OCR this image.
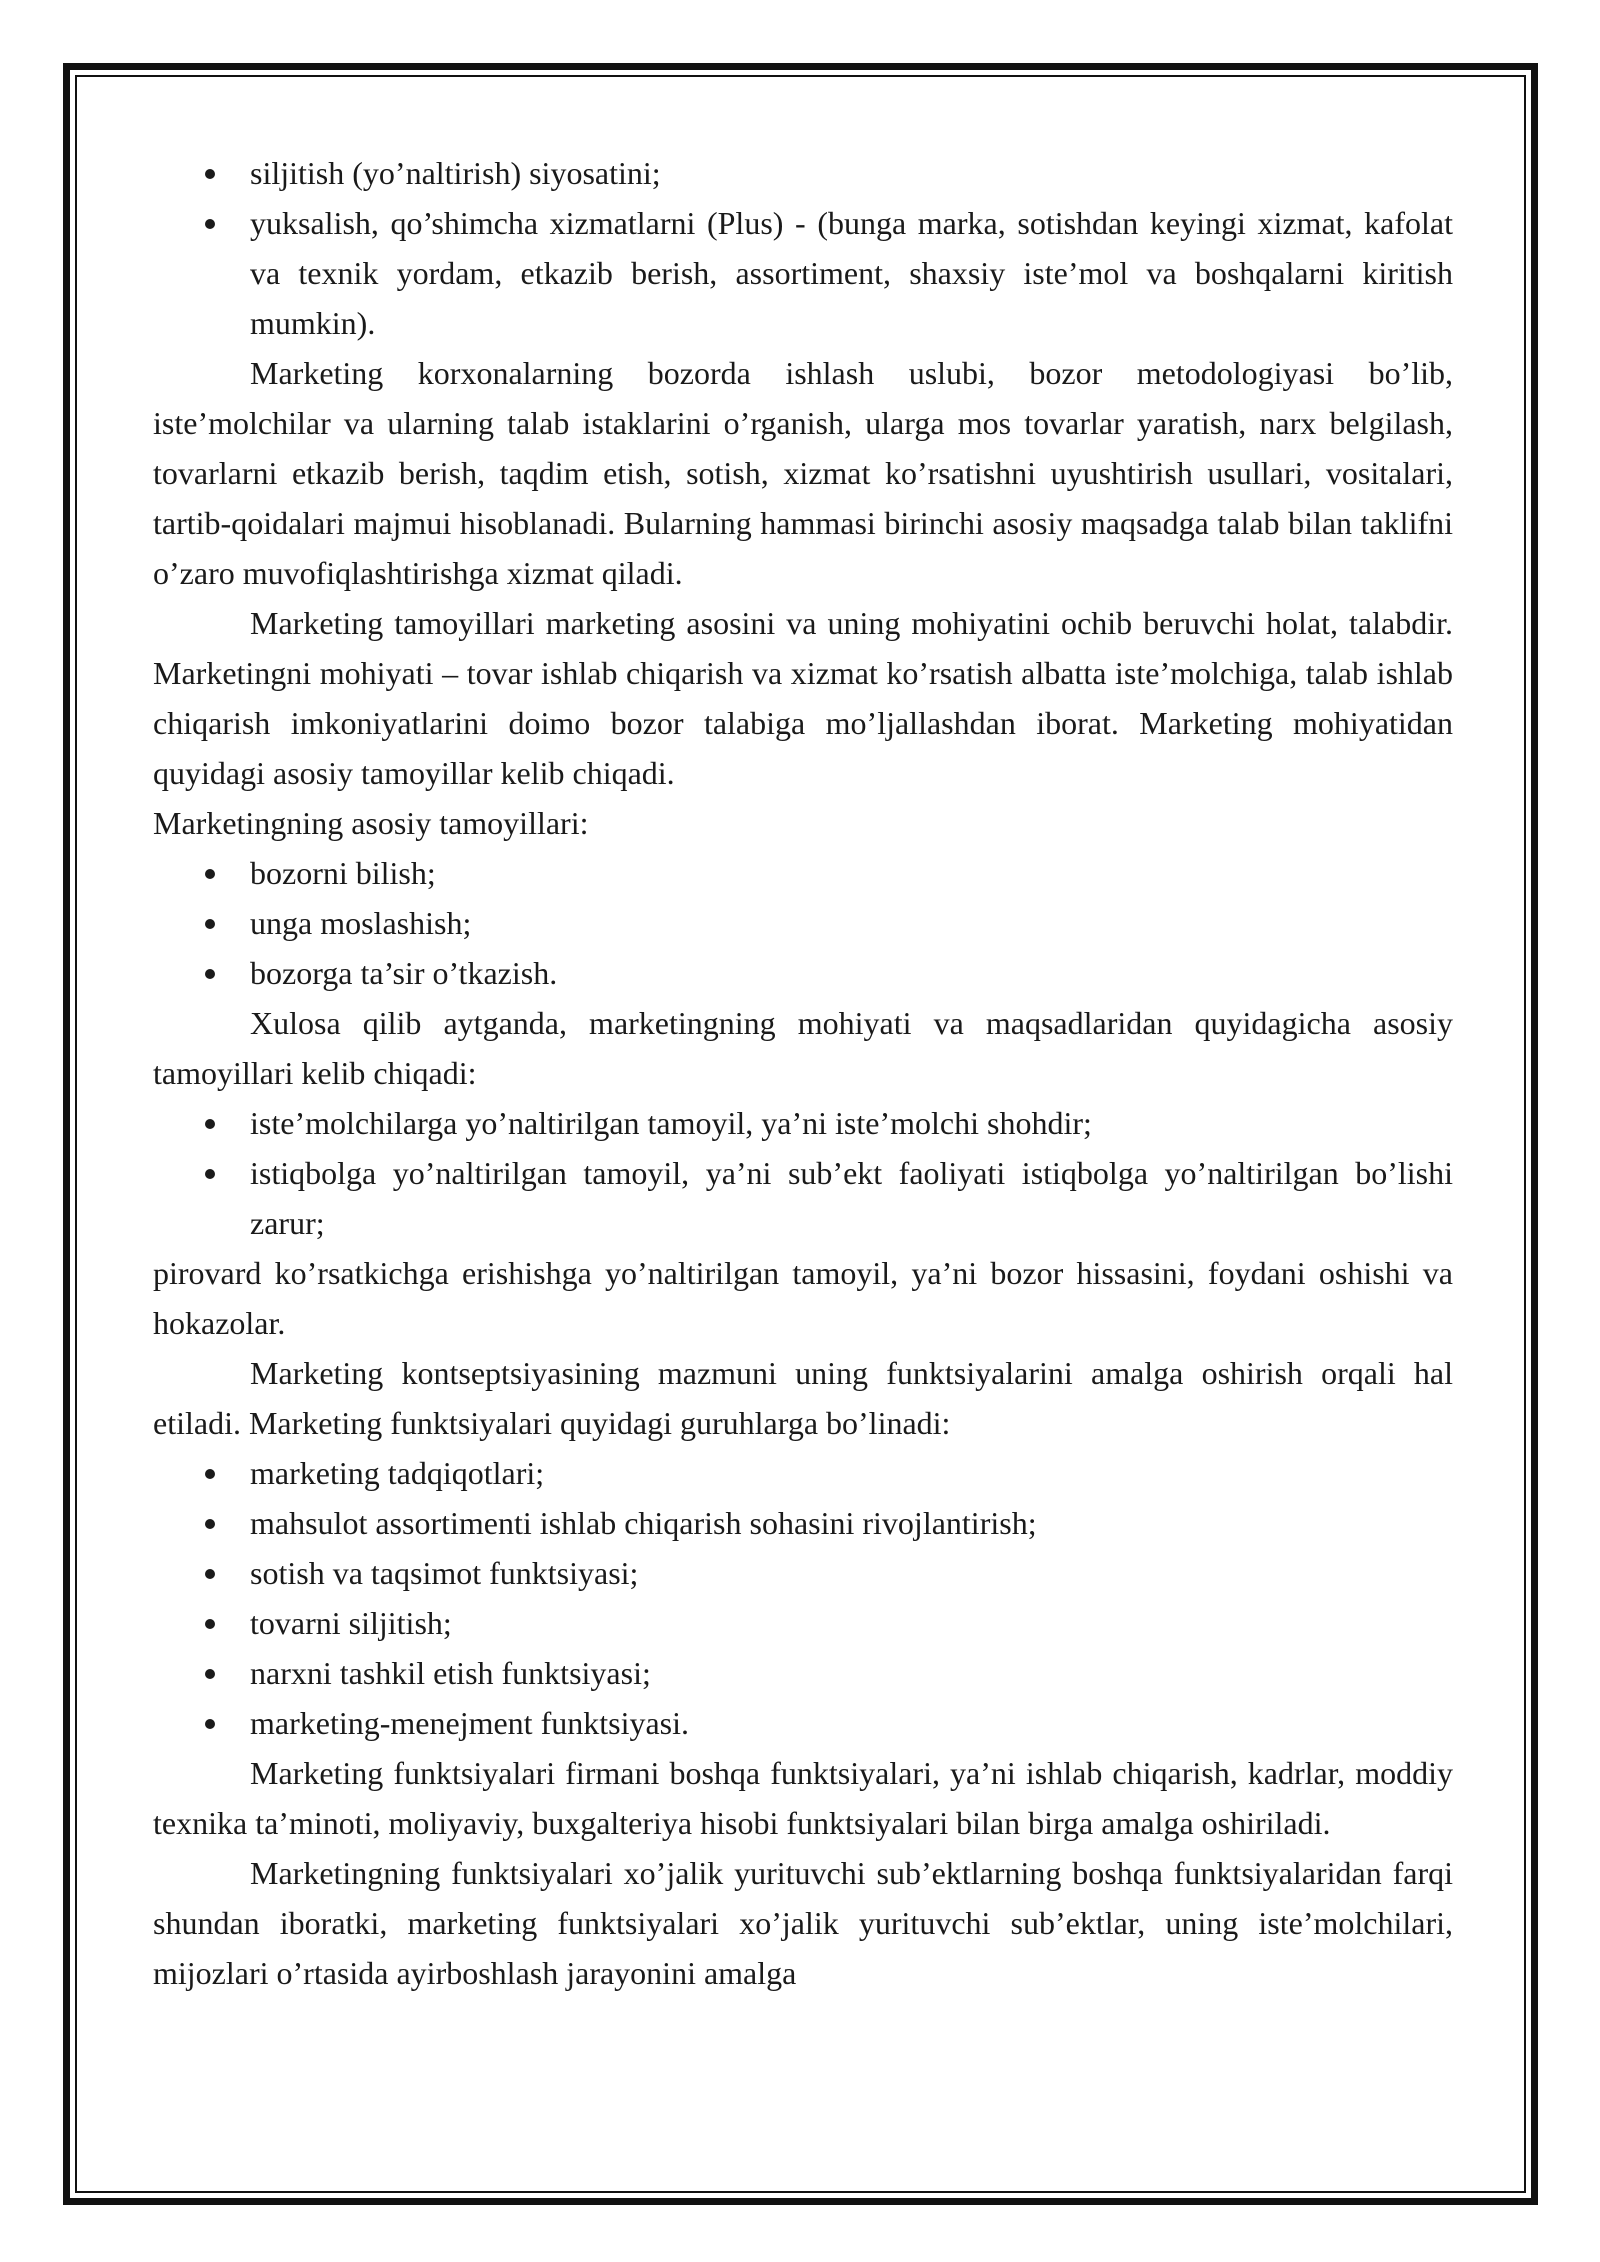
siljitish (yo’naltirish) siyosatini;
yuksalish, qo’shimcha xizmatlarni (Plus) - (bunga marka, sotishdan keyingi xizmat, kafolat va texnik yordam, etkazib berish, assortiment, shaxsiy iste’mol va boshqalarni kiritish mumkin).

Marketing korxonalarning bozorda ishlash uslubi, bozor metodologiyasi bo’lib, iste’molchilar va ularning talab istaklarini o’rganish, ularga mos tovarlar yaratish, narx belgilash, tovarlarni etkazib berish, taqdim etish, sotish, xizmat ko’rsatishni uyushtirish usullari, vositalari, tartib-qoidalari majmui hisoblanadi. Bularning hammasi birinchi asosiy maqsadga talab bilan taklifni o’zaro muvofiqlashtirishga xizmat qiladi.

Marketing tamoyillari marketing asosini va uning mohiyatini ochib beruvchi holat, talabdir. Marketingni mohiyati – tovar ishlab chiqarish va xizmat ko’rsatish albatta iste’molchiga, talab ishlab chiqarish imkoniyatlarini doimo bozor talabiga mo’ljallashdan iborat. Marketing mohiyatidan quyidagi asosiy tamoyillar kelib chiqadi.

Marketingning asosiy tamoyillari:

bozorni bilish;
unga moslashish;
bozorga ta’sir o’tkazish.

Xulosa qilib aytganda, marketingning mohiyati va maqsadlaridan quyidagicha asosiy tamoyillari kelib chiqadi:

iste’molchilarga yo’naltirilgan tamoyil, ya’ni iste’molchi shohdir;
istiqbolga yo’naltirilgan tamoyil, ya’ni sub’ekt faoliyati istiqbolga yo’naltirilgan bo’lishi zarur;

pirovard ko’rsatkichga erishishga yo’naltirilgan tamoyil, ya’ni bozor hissasini, foydani oshishi va hokazolar.

Marketing kontseptsiyasining mazmuni uning funktsiyalarini amalga oshirish orqali hal etiladi. Marketing funktsiyalari quyidagi guruhlarga bo’linadi:

marketing tadqiqotlari;
mahsulot assortimenti ishlab chiqarish sohasini rivojlantirish;
sotish va taqsimot funktsiyasi;
tovarni siljitish;
narxni tashkil etish funktsiyasi;
marketing-menejment funktsiyasi.

Marketing funktsiyalari firmani boshqa funktsiyalari, ya’ni ishlab chiqarish, kadrlar, moddiy texnika ta’minoti, moliyaviy, buxgalteriya hisobi funktsiyalari bilan birga amalga oshiriladi.

Marketingning funktsiyalari xo’jalik yurituvchi sub’ektlarning boshqa funktsiyalaridan farqi shundan iboratki, marketing funktsiyalari xo’jalik yurituvchi sub’ektlar, uning iste’molchilari, mijozlari o’rtasida ayirboshlash jarayonini amalga
